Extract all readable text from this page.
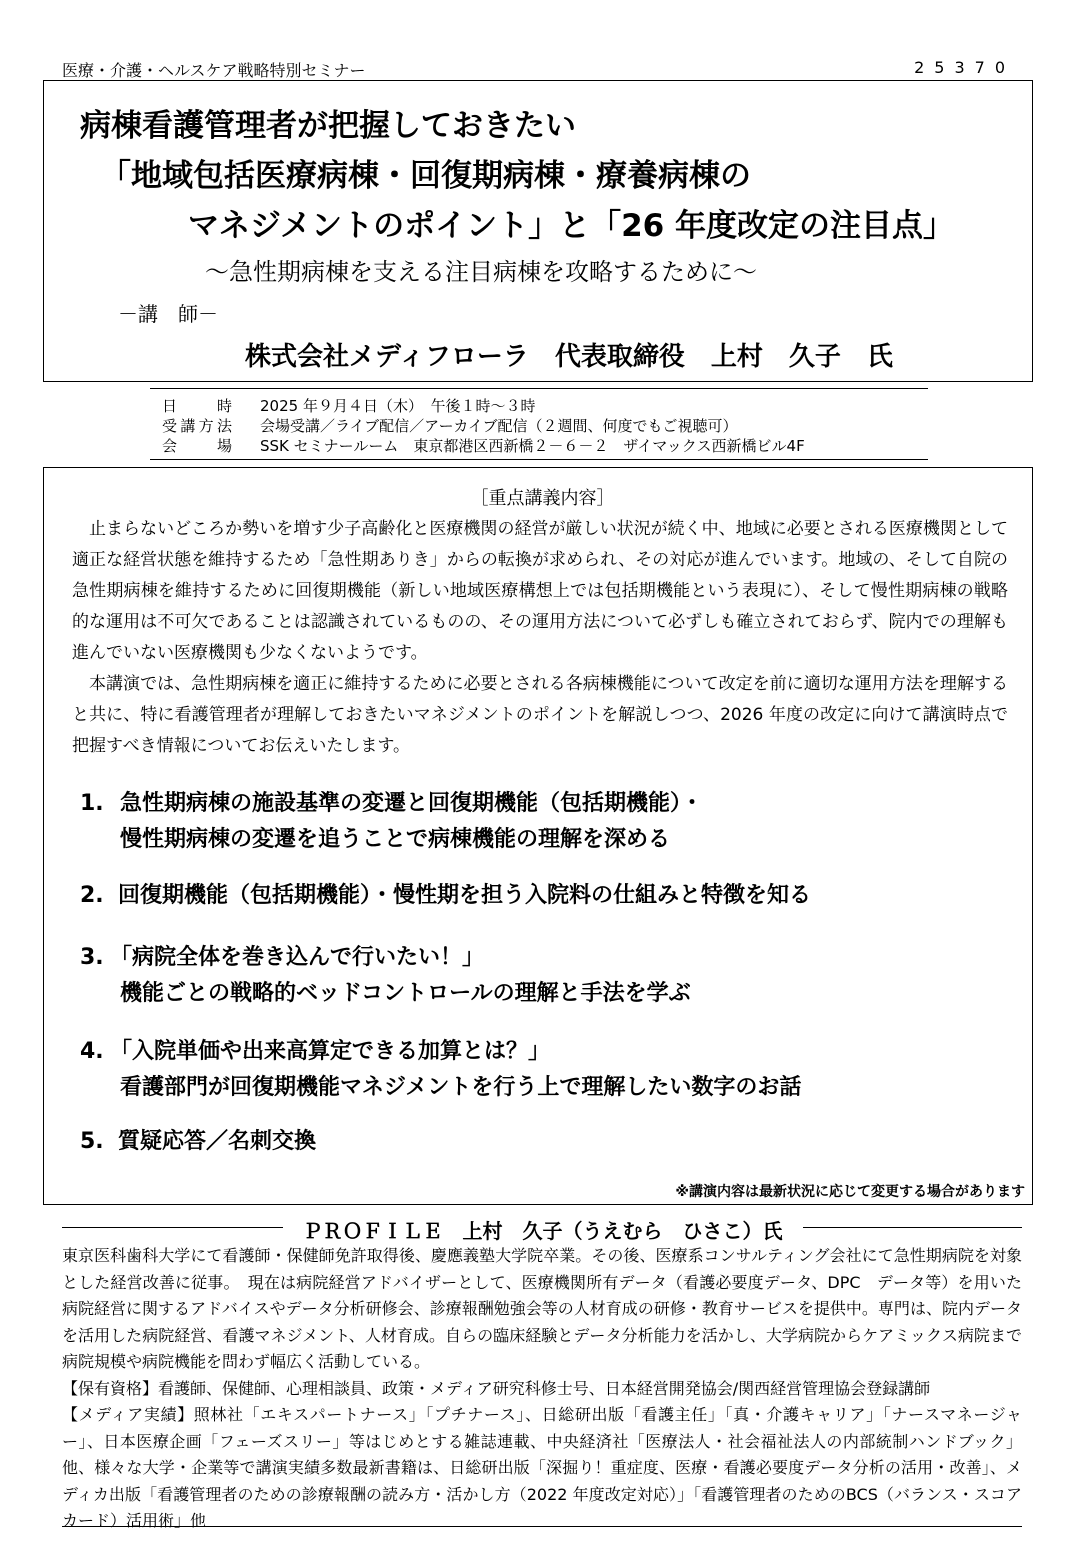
医療・介護・ヘルスケア戦略特別セミナー	25370
病棟看護管理者が把握しておきたい
「地域包括医療病棟・回復期病棟・療養病棟の
マネジメントのポイント」と「26 年度改定の注目点」
～急性期病棟を支える注目病棟を攻略するために～
－講　師－
株式会社メディフローラ　代表取締役　上村　久子　氏
日時 2025 年９月４日（木）　午後１時～３時
受講方法 会場受講／ライブ配信／アーカイブ配信（２週間、何度でもご視聴可）
会場 SSK セミナールーム　東京都港区西新橋２－６－２　ザイマックス西新橋ビル4F
［重点講義内容］

止まらないどころか勢いを増す少子高齢化と医療機関の経営が厳しい状況が続く中、地域に必要とされる医療機関として適正な経営状態を維持するため「急性期ありき」からの転換が求められ、その対応が進んでいます。地域の、そして自院の急性期病棟を維持するために回復期機能（新しい地域医療構想上では包括期機能という表現に）、そして慢性期病棟の戦略的な運用は不可欠であることは認識されているものの、その運用方法について必ずしも確立されておらず、院内での理解も進んでいない医療機関も少なくないようです。

本講演では、急性期病棟を適正に維持するために必要とされる各病棟機能について改定を前に適切な運用方法を理解すると共に、特に看護管理者が理解しておきたいマネジメントのポイントを解説しつつ、2026 年度の改定に向けて講演時点で把握すべき情報についてお伝えいたします。

1. 急性期病棟の施設基準の変遷と回復期機能（包括期機能）・
慢性期病棟の変遷を追うことで病棟機能の理解を深める
2. 回復期機能（包括期機能）・慢性期を担う入院料の仕組みと特徴を知る
3. 「病院全体を巻き込んで行いたい！」
機能ごとの戦略的ベッドコントロールの理解と手法を学ぶ
4. 「入院単価や出来高算定できる加算とは？」
看護部門が回復期機能マネジメントを行う上で理解したい数字のお話
5. 質疑応答／名刺交換
※講演内容は最新状況に応じて変更する場合があります
ＰＲＯＦＩＬＥ　上村　久子（うえむら　ひさこ）氏

東京医科歯科大学にて看護師・保健師免許取得後、慶應義塾大学院卒業。その後、医療系コンサルティング会社にて急性期病院を対象とした経営改善に従事。　現在は病院経営アドバイザーとして、医療機関所有データ（看護必要度データ、DPC　データ等）を用いた病院経営に関するアドバイスやデータ分析研修会、診療報酬勉強会等の人材育成の研修・教育サービスを提供中。専門は、院内データを活用した病院経営、看護マネジメント、人材育成。自らの臨床経験とデータ分析能力を活かし、大学病院からケアミックス病院まで病院規模や病院機能を問わず幅広く活動している。

【保有資格】看護師、保健師、心理相談員、政策・メディア研究科修士号、日本経営開発協会/関西経営管理協会登録講師

【メディア実績】照林社「エキスパートナース」「プチナース」、日総研出版「看護主任」「真・介護キャリア」「ナースマネージャー」、日本医療企画「フェーズスリー」等はじめとする雑誌連載、中央経済社「医療法人・社会福祉法人の内部統制ハンドブック」他、様々な大学・企業等で講演実績多数最新書籍は、日総研出版「深掘り！重症度、医療・看護必要度データ分析の活用・改善」、メディカ出版「看護管理者のための診療報酬の読み方・活かし方（2022 年度改定対応）」「看護管理者のためのBCS（バランス・スコアカード）活用術」他
